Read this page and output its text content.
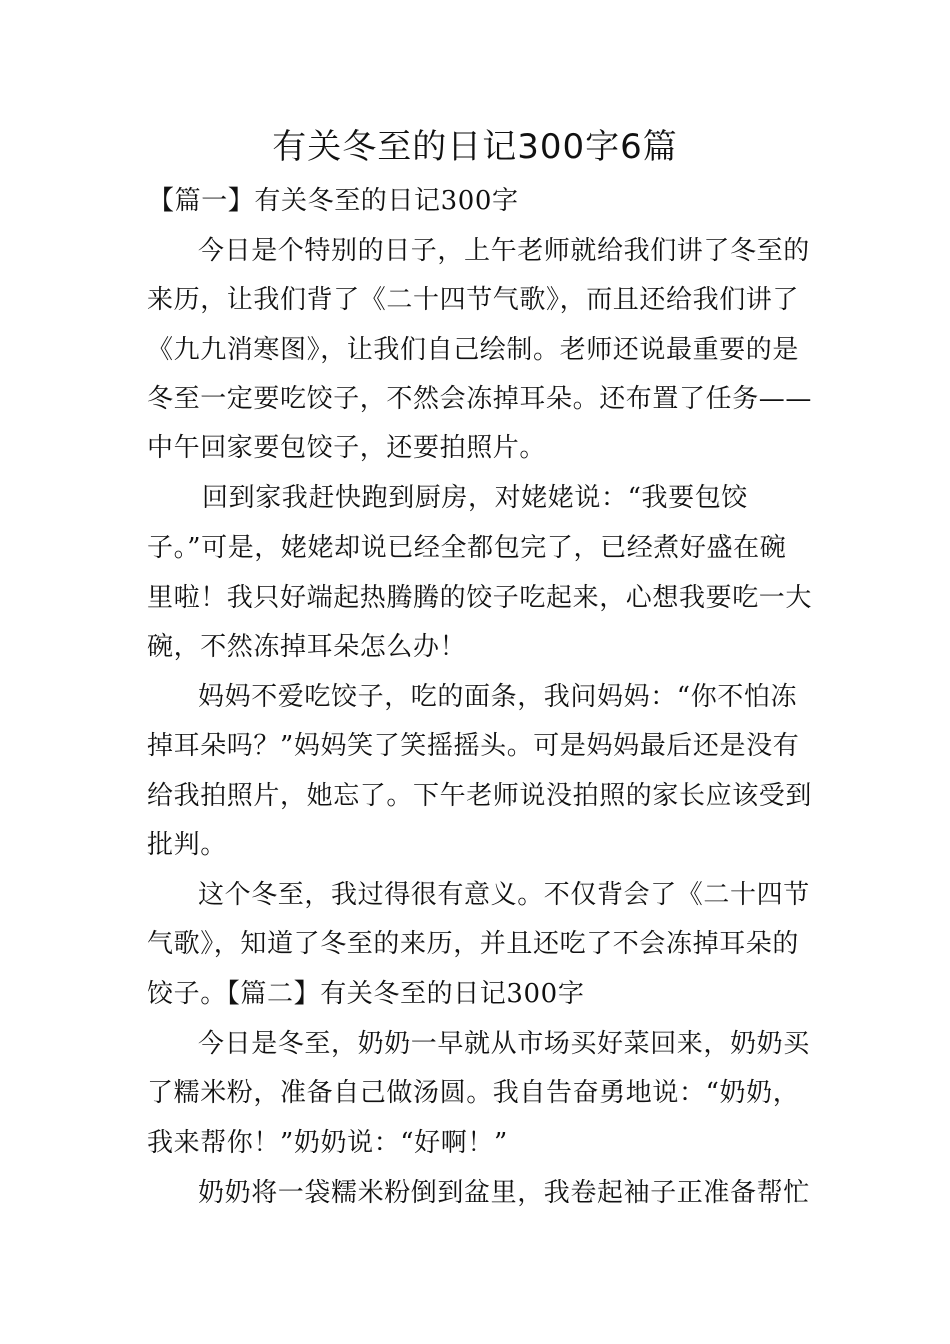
有关冬至的日记300字6篇
【篇一】有关冬至的日记300字
今日是个特别的日子，上午老师就给我们讲了冬至的
来历，让我们背了《二十四节气歌》，而且还给我们讲了
《九九消寒图》，让我们自己绘制。老师还说最重要的是
冬至一定要吃饺子，不然会冻掉耳朵。还布置了任务——
中午回家要包饺子，还要拍照片。
回到家我赶快跑到厨房，对姥姥说：“我要包饺
子。”可是，姥姥却说已经全都包完了，已经煮好盛在碗
里啦！我只好端起热腾腾的饺子吃起来，心想我要吃一大
碗，不然冻掉耳朵怎么办！
妈妈不爱吃饺子，吃的面条，我问妈妈：“你不怕冻
掉耳朵吗？”妈妈笑了笑摇摇头。可是妈妈最后还是没有
给我拍照片，她忘了。下午老师说没拍照的家长应该受到
批判。
这个冬至，我过得很有意义。不仅背会了《二十四节
气歌》，知道了冬至的来历，并且还吃了不会冻掉耳朵的
饺子。【篇二】有关冬至的日记300字
今日是冬至，奶奶一早就从市场买好菜回来，奶奶买
了糯米粉，准备自己做汤圆。我自告奋勇地说：“奶奶，
我来帮你！”奶奶说：“好啊！”
奶奶将一袋糯米粉倒到盆里，我卷起袖子正准备帮忙
